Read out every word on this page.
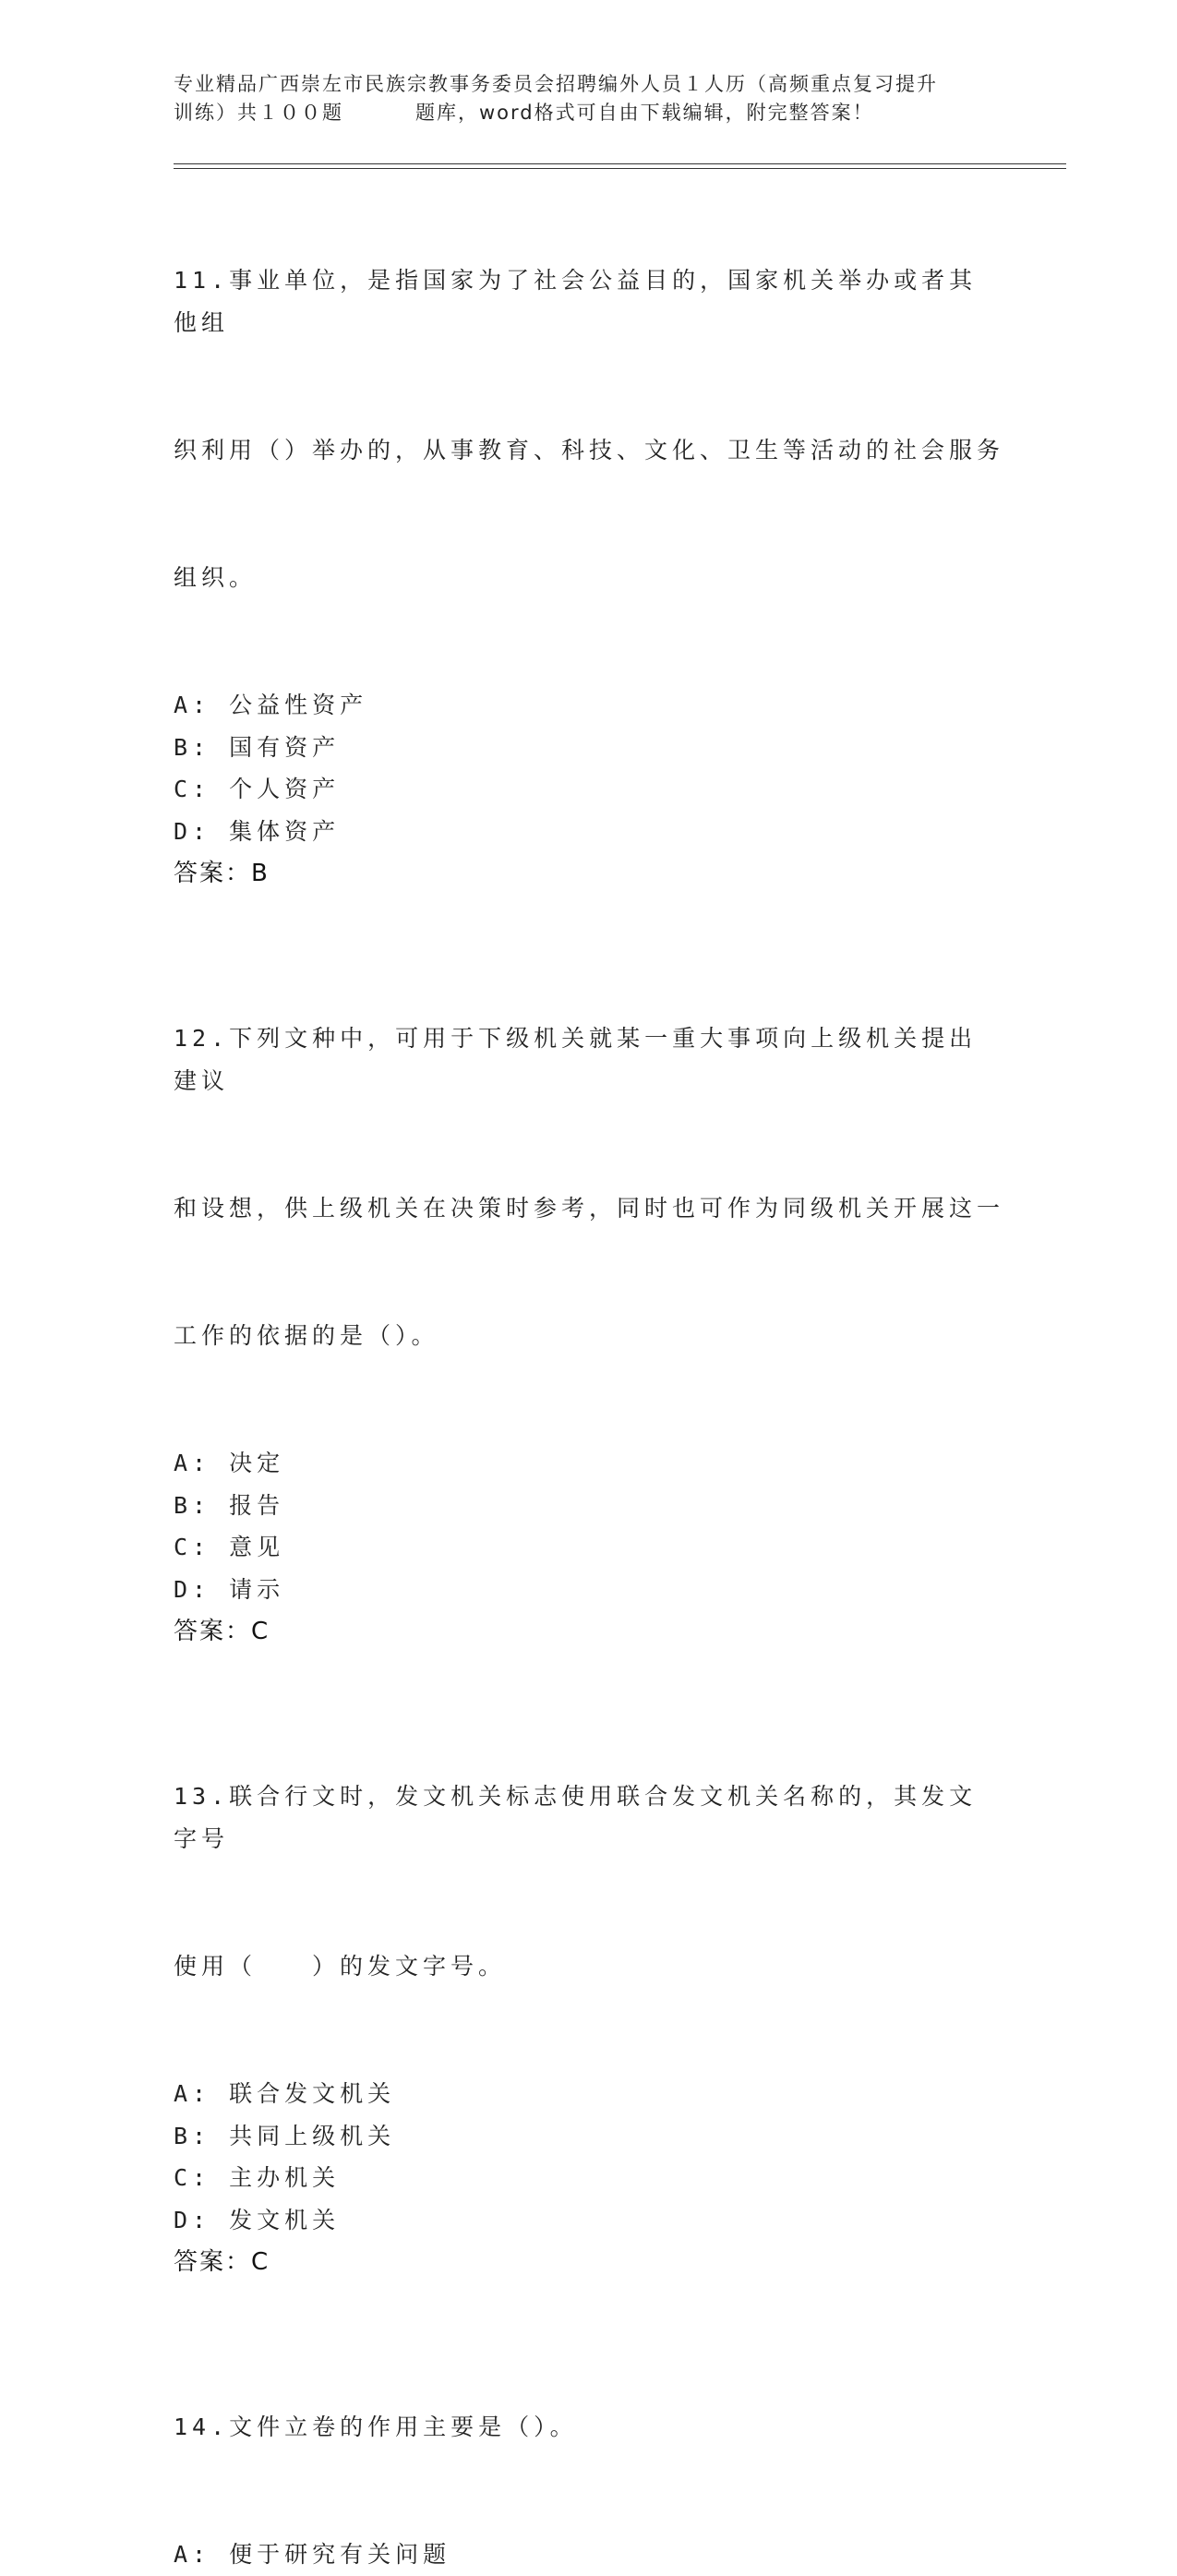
专业精品广西崇左市民族宗教事务委员会招聘编外人员１人历（高频重点复习提升
训练）共１００题	题库，word格式可自由下载编辑，附完整答案！

11.事业单位，是指国家为了社会公益目的，国家机关举办或者其他组

织利用（）举办的，从事教育、科技、文化、卫生等活动的社会服务

组织。

A: 公益性资产
B: 国有资产
C: 个人资产
D: 集体资产
答案：B

12.下列文种中，可用于下级机关就某一重大事项向上级机关提出建议

和设想，供上级机关在决策时参考，同时也可作为同级机关开展这一

工作的依据的是（）。

A: 决定
B: 报告
C: 意见
D: 请示
答案：C

13.联合行文时，发文机关标志使用联合发文机关名称的，其发文字号

使用（　　）的发文字号。

A: 联合发文机关
B: 共同上级机关
C: 主办机关
D: 发文机关
答案：C

14.文件立卷的作用主要是（）。

A: 便于研究有关问题
